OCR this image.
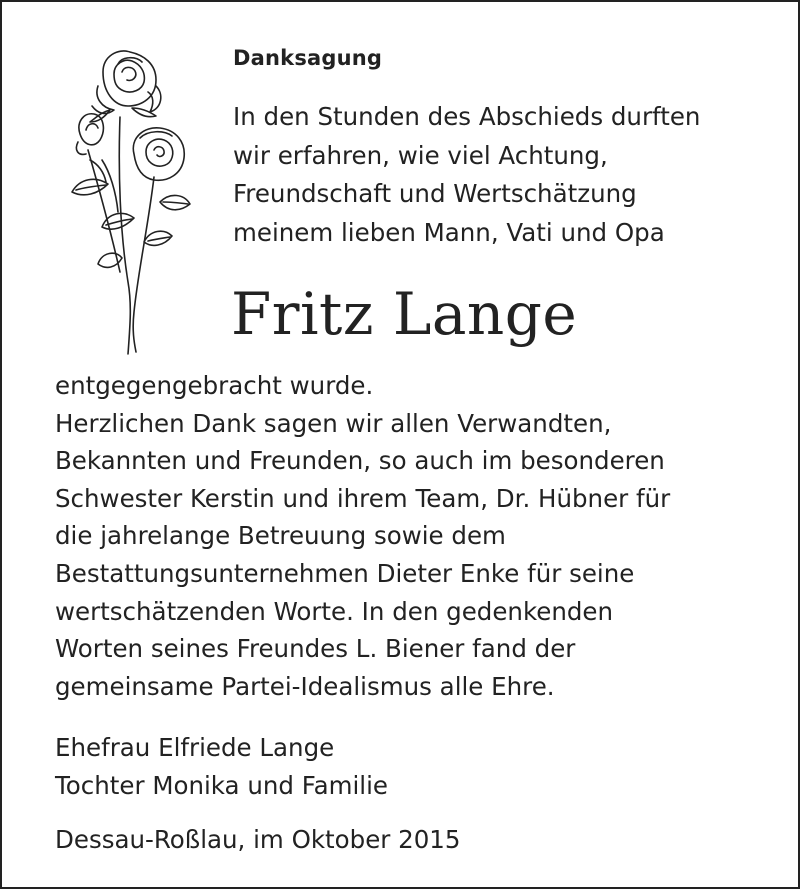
Danksagung
In den Stunden des Abschieds durften
wir erfahren, wie viel Achtung,
Freundschaft und Wertschätzung
meinem lieben Mann, Vati und Opa
Fritz Lange
entgegengebracht wurde.
Herzlichen Dank sagen wir allen Verwandten,
Bekannten und Freunden, so auch im besonderen
Schwester Kerstin und ihrem Team, Dr. Hübner für
die jahrelange Betreuung sowie dem
Bestattungsunternehmen Dieter Enke für seine
wertschätzenden Worte. In den gedenkenden
Worten seines Freundes L. Biener fand der
gemeinsame Partei-Idealismus alle Ehre.
Ehefrau Elfriede Lange
Tochter Monika und Familie
Dessau-Roßlau, im Oktober 2015
